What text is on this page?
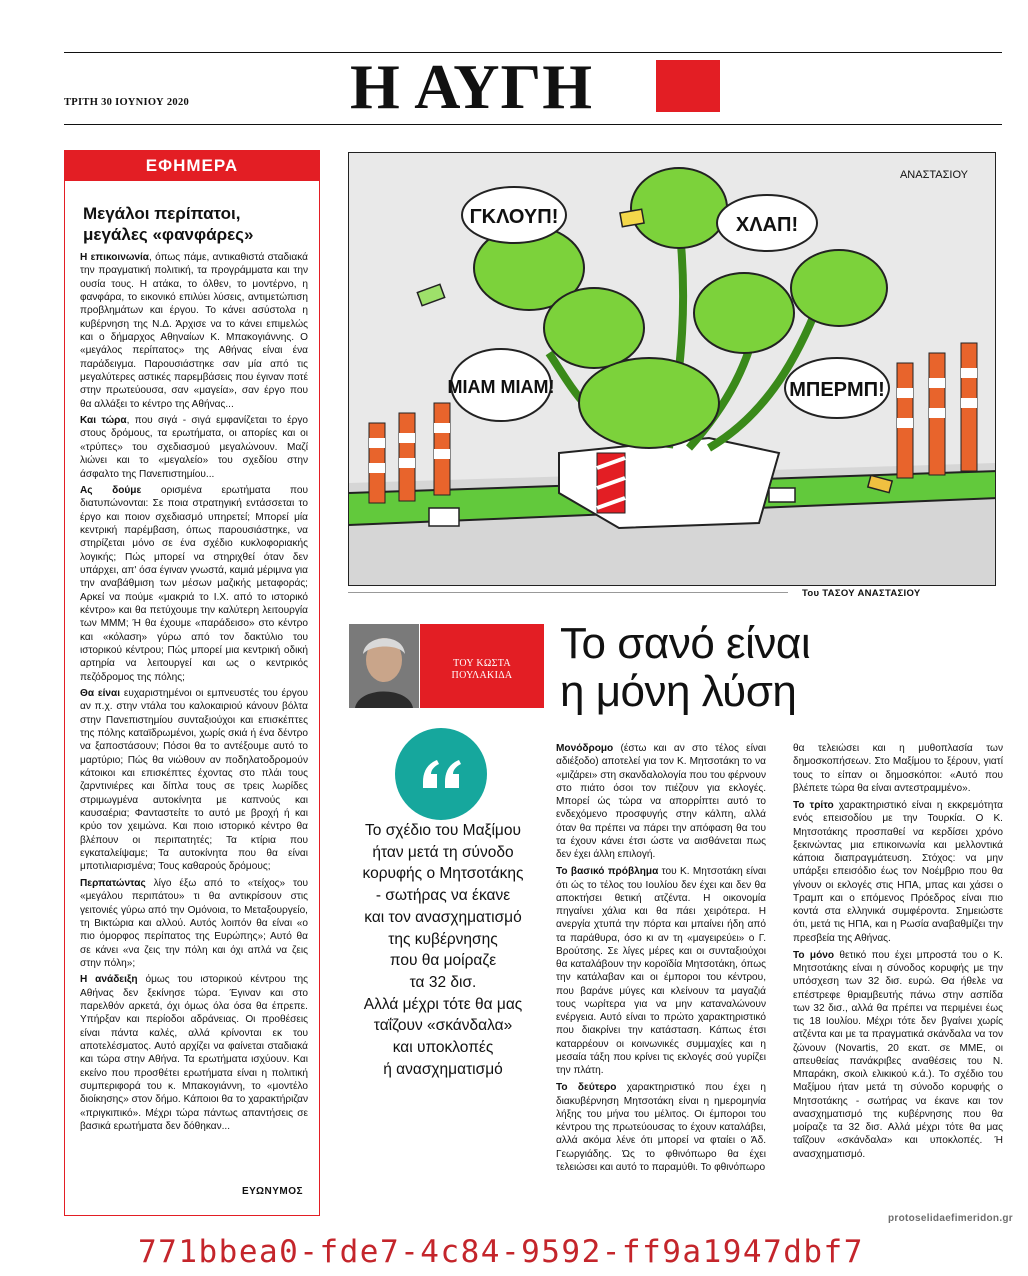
Η ΑΥΓΗ
ΤΡΙΤΗ 30 ΙΟΥΝΙΟΥ 2020
ΕΦΗΜΕΡΑ
Μεγάλοι περίπατοι,
μεγάλες «φανφάρες»

Η επικοινωνία, όπως πάμε, αντικαθιστά σταδιακά την πραγματική πολιτική, τα προγράμματα και την ουσία τους. Η ατάκα, το όλθεν, το μοντέρνο, η φανφάρα, το εικονικό επιλύει λύσεις, αντιμετώπιση προβλημάτων και έργου. Το κάνει ασύστολα η κυβέρνηση της Ν.Δ. Άρχισε να το κάνει επιμελώς και ο δήμαρχος Αθηναίων Κ. Μπακογιάννης. Ο «μεγάλος περίπατος» της Αθήνας είναι ένα παράδειγμα. Παρουσιάστηκε σαν μία από τις μεγαλύτερες αστικές παρεμβάσεις που έγιναν ποτέ στην πρωτεύουσα, σαν «μαγεία», σαν έργο που θα αλλάξει το κέντρο της Αθήνας...

Και τώρα, που σιγά - σιγά εμφανίζεται το έργο στους δρόμους, τα ερωτήματα, οι απορίες και οι «τρύπες» του σχεδιασμού μεγαλώνουν. Μαζί λιώνει και το «μεγαλείο» του σχεδίου στην άσφαλτο της Πανεπιστημίου...

Ας δούμε ορισμένα ερωτήματα που διατυπώνονται: Σε ποια στρατηγική εντάσσεται το έργο και ποιον σχεδιασμό υπηρετεί; Μπορεί μία κεντρική παρέμβαση, όπως παρουσιάστηκε, να στηρίζεται μόνο σε ένα σχέδιο κυκλοφοριακής λογικής; Πώς μπορεί να στηριχθεί όταν δεν υπάρχει, απ' όσα έγιναν γνωστά, καμιά μέριμνα για την αναβάθμιση των μέσων μαζικής μεταφοράς; Αρκεί να πούμε «μακριά το Ι.Χ. από το ιστορικό κέντρο» και θα πετύχουμε την καλύτερη λειτουργία των ΜΜΜ; Ή θα έχουμε «παράδεισο» στο κέντρο και «κόλαση» γύρω από τον δακτύλιο του ιστορικού κέντρου; Πώς μπορεί μια κεντρική οδική αρτηρία να λειτουργεί και ως ο κεντρικός πεζόδρομος της πόλης;

Θα είναι ευχαριστημένοι οι εμπνευστές του έργου αν π.χ. στην ντάλα του καλοκαιριού κάνουν βόλτα στην Πανεπιστημίου συνταξιούχοι και επισκέπτες της πόλης καταϊδρωμένοι, χωρίς σκιά ή ένα δέντρο να ξαποστάσουν; Πόσοι θα το αντέξουμε αυτό το μαρτύριο; Πώς θα νιώθουν αν ποδηλατοδρομούν κάτοικοι και επισκέπτες έχοντας στο πλάι τους ζαρντινιέρες και δίπλα τους σε τρεις λωρίδες στριμωγμένα αυτοκίνητα με καπνούς και καυσαέρια; Φανταστείτε το αυτό με βροχή ή και κρύο τον χειμώνα. Και ποιο ιστορικό κέντρο θα βλέπουν οι περιπατητές; Τα κτίρια που εγκαταλείψαμε; Τα αυτοκίνητα που θα είναι μποτιλιαρισμένα; Τους καθαρούς δρόμους;

Περπατώντας λίγο έξω από το «τείχος» του «μεγάλου περιπάτου» τι θα αντικρίσουν στις γειτονιές γύρω από την Ομόνοια, το Μεταξουργείο, τη Βικτώρια και αλλού. Αυτός λοιπόν θα είναι «ο πιο όμορφος περίπατος της Ευρώπης»; Αυτό θα σε κάνει «να ζεις την πόλη και όχι απλά να ζεις στην πόλη»;

Η ανάδειξη όμως του ιστορικού κέντρου της Αθήνας δεν ξεκίνησε τώρα. Έγιναν και στο παρελθόν αρκετά, όχι όμως όλα όσα θα έπρεπε. Υπήρξαν και περίοδοι αδράνειας. Οι προθέσεις είναι πάντα καλές, αλλά κρίνονται εκ του αποτελέσματος. Αυτό αρχίζει να φαίνεται σταδιακά και τώρα στην Αθήνα. Τα ερωτήματα ισχύουν. Και εκείνο που προσθέτει ερωτήματα είναι η πολιτική συμπεριφορά του κ. Μπακογιάννη, το «μοντέλο διοίκησης» στον δήμο. Κάποιοι θα το χαρακτήριζαν «πριγκιπικό». Μέχρι τώρα πάντως απαντήσεις σε βασικά ερωτήματα δεν δόθηκαν...

ΕΥΩΝΥΜΟΣ
ΓΚΛΟΥΠ!	ΧΛΑΠ!
ΜΙΑΜ ΜΙΑΜ!	ΜΠΕΡΜΠ!
ΑΝΑΣΤΑΣΙΟΥ
Του ΤΑΣΟΥ ΑΝΑΣΤΑΣΙΟΥ
ΤΟΥ ΚΩΣΤΑ
ΠΟΥΛΑΚΙΔΑ
Το σανό είναι
η μόνη λύση
Το σχέδιο του Μαξίμου
ήταν μετά τη σύνοδο
κορυφής ο Μητσοτάκης
- σωτήρας να έκανε
και τον ανασχηματισμό
της κυβέρνησης
που θα μοίραζε
τα 32 δισ.
Αλλά μέχρι τότε θα μας
ταΐζουν «σκάνδαλα»
και υποκλοπές
ή ανασχηματισμό

Μονόδρομο (έστω και αν στο τέλος είναι αδιέξοδο) αποτελεί για τον Κ. Μητσοτάκη το να «μιζάρει» στη σκανδαλολογία που του φέρνουν στο πιάτο όσοι τον πιέζουν για εκλογές. Μπορεί ώς τώρα να απορρίπτει αυτό το ενδεχόμενο προσφυγής στην κάλπη, αλλά όταν θα πρέπει να πάρει την απόφαση θα του τα έχουν κάνει έτσι ώστε να αισθάνεται πως δεν έχει άλλη επιλογή.

Το βασικό πρόβλημα του Κ. Μητσοτάκη είναι ότι ώς το τέλος του Ιουλίου δεν έχει και δεν θα αποκτήσει θετική ατζέντα. Η οικονομία πηγαίνει χάλια και θα πάει χειρότερα. Η ανεργία χτυπά την πόρτα και μπαίνει ήδη από τα παράθυρα, όσο κι αν τη «μαγειρεύει» ο Γ. Βρούτσης. Σε λίγες μέρες και οι συνταξιούχοι θα καταλάβουν την κοροϊδία Μητσοτάκη, όπως την κατάλαβαν και οι έμποροι του κέντρου, που βαράνε μύγες και κλείνουν τα μαγαζιά τους νωρίτερα για να μην καταναλώνουν ενέργεια. Αυτό είναι το πρώτο χαρακτηριστικό που διακρίνει την κατάσταση. Κάπως έτσι καταρρέουν οι κοινωνικές συμμαχίες και η μεσαία τάξη που κρίνει τις εκλογές σού γυρίζει την πλάτη.

Το δεύτερο χαρακτηριστικό που έχει η διακυβέρνηση Μητσοτάκη είναι η ημερομηνία λήξης του μήνα του μέλιτος. Οι έμποροι του κέντρου της πρωτεύουσας το έχουν καταλάβει, αλλά ακόμα λένε ότι μπορεί να φταίει ο Άδ. Γεωργιάδης. Ώς το φθινόπωρο θα έχει τελειώσει και αυτό το παραμύθι. Το φθινόπωρο

θα τελειώσει και η μυθοπλασία των δημοσκοπήσεων. Στο Μαξίμου το ξέρουν, γιατί τους το είπαν οι δημοσκόποι: «Αυτό που βλέπετε τώρα θα είναι αντεστραμμένο».

Το τρίτο χαρακτηριστικό είναι η εκκρεμότητα ενός επεισοδίου με την Τουρκία. Ο Κ. Μητσοτάκης προσπαθεί να κερδίσει χρόνο ξεκινώντας μια επικοινωνία και μελλοντικά κάποια διαπραγμάτευση. Στόχος: να μην υπάρξει επεισόδιο έως τον Νοέμβριο που θα γίνουν οι εκλογές στις ΗΠΑ, μπας και χάσει ο Τραμπ και ο επόμενος Πρόεδρος είναι πιο κοντά στα ελληνικά συμφέροντα. Σημειώστε ότι, μετά τις ΗΠΑ, και η Ρωσία αναβαθμίζει την πρεσβεία της Αθήνας.

Το μόνο θετικό που έχει μπροστά του ο Κ. Μητσοτάκης είναι η σύνοδος κορυφής με την υπόσχεση των 32 δισ. ευρώ. Θα ήθελε να επέστρεφε θριαμβευτής πάνω στην ασπίδα των 32 δισ., αλλά θα πρέπει να περιμένει έως τις 18 Ιουλίου. Μέχρι τότε δεν βγαίνει χωρίς ατζέντα και με τα πραγματικά σκάνδαλα να τον ζώνουν (Novartis, 20 εκατ. σε ΜΜΕ, οι απευθείας πανάκριβες αναθέσεις του Ν. Μπαράκη, σκοιλ ελικικού κ.ά.). Το σχέδιο του Μαξίμου ήταν μετά τη σύνοδο κορυφής ο Μητσοτάκης - σωτήρας να έκανε και τον ανασχηματισμό της κυβέρνησης που θα μοίραζε τα 32 δισ. Αλλά μέχρι τότε θα μας ταΐζουν «σκάνδαλα» και υποκλοπές. Ή ανασχηματισμό.

protoselidaefimeridon.gr
771bbea0-fde7-4c84-9592-ff9a1947dbf7
